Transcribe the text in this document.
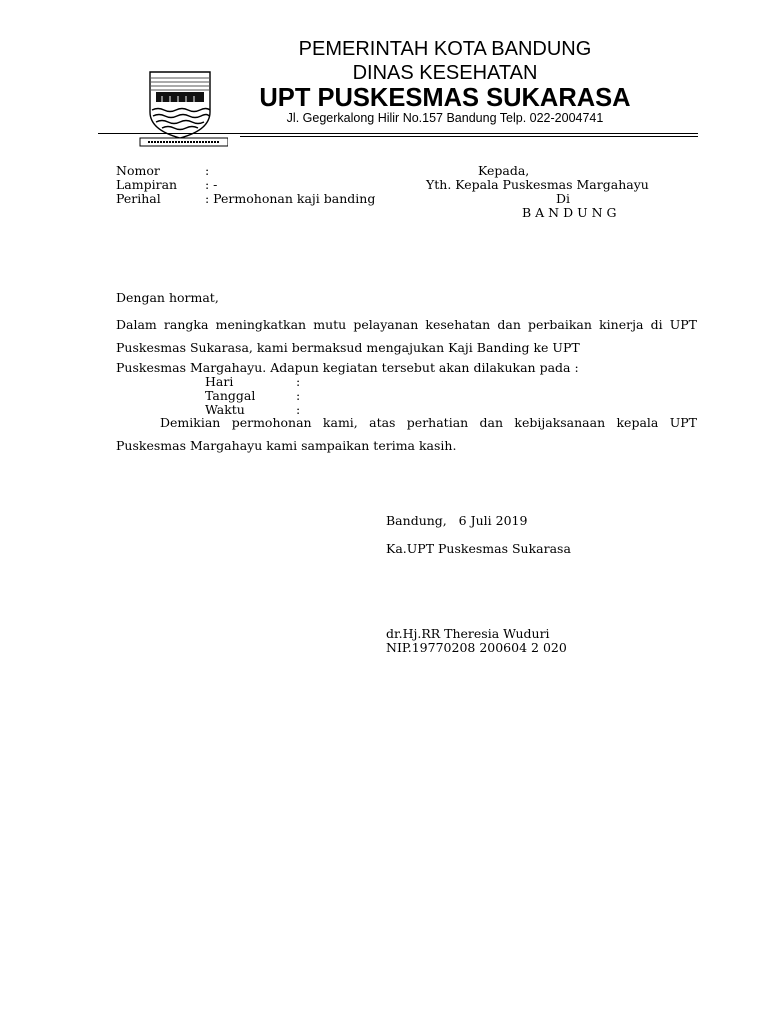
PEMERINTAH KOTA BANDUNG
DINAS KESEHATAN
UPT PUSKESMAS SUKARASA
Jl. Gegerkalong Hilir No.157 Bandung Telp. 022-2004741
Nomor	:
Lampiran : -
Perihal	: Permohonan kaji banding
Kepada,
Yth. Kepala Puskesmas Margahayu
Di
B A N D U N G
Dengan hormat,
Dalam rangka meningkatkan mutu pelayanan kesehatan dan perbaikan kinerja di UPT Puskesmas Sukarasa, kami bermaksud mengajukan Kaji Banding ke UPT
Puskesmas Margahayu. Adapun kegiatan tersebut akan dilakukan pada :
Hari	:
Tanggal	:
Waktu	:
Demikian permohonan kami, atas perhatian dan kebijaksanaan kepala UPT
Puskesmas Margahayu kami sampaikan terima kasih.
Bandung,   6 Juli 2019
Ka.UPT Puskesmas Sukarasa
dr.Hj.RR Theresia Wuduri
NIP.19770208 200604 2 020
